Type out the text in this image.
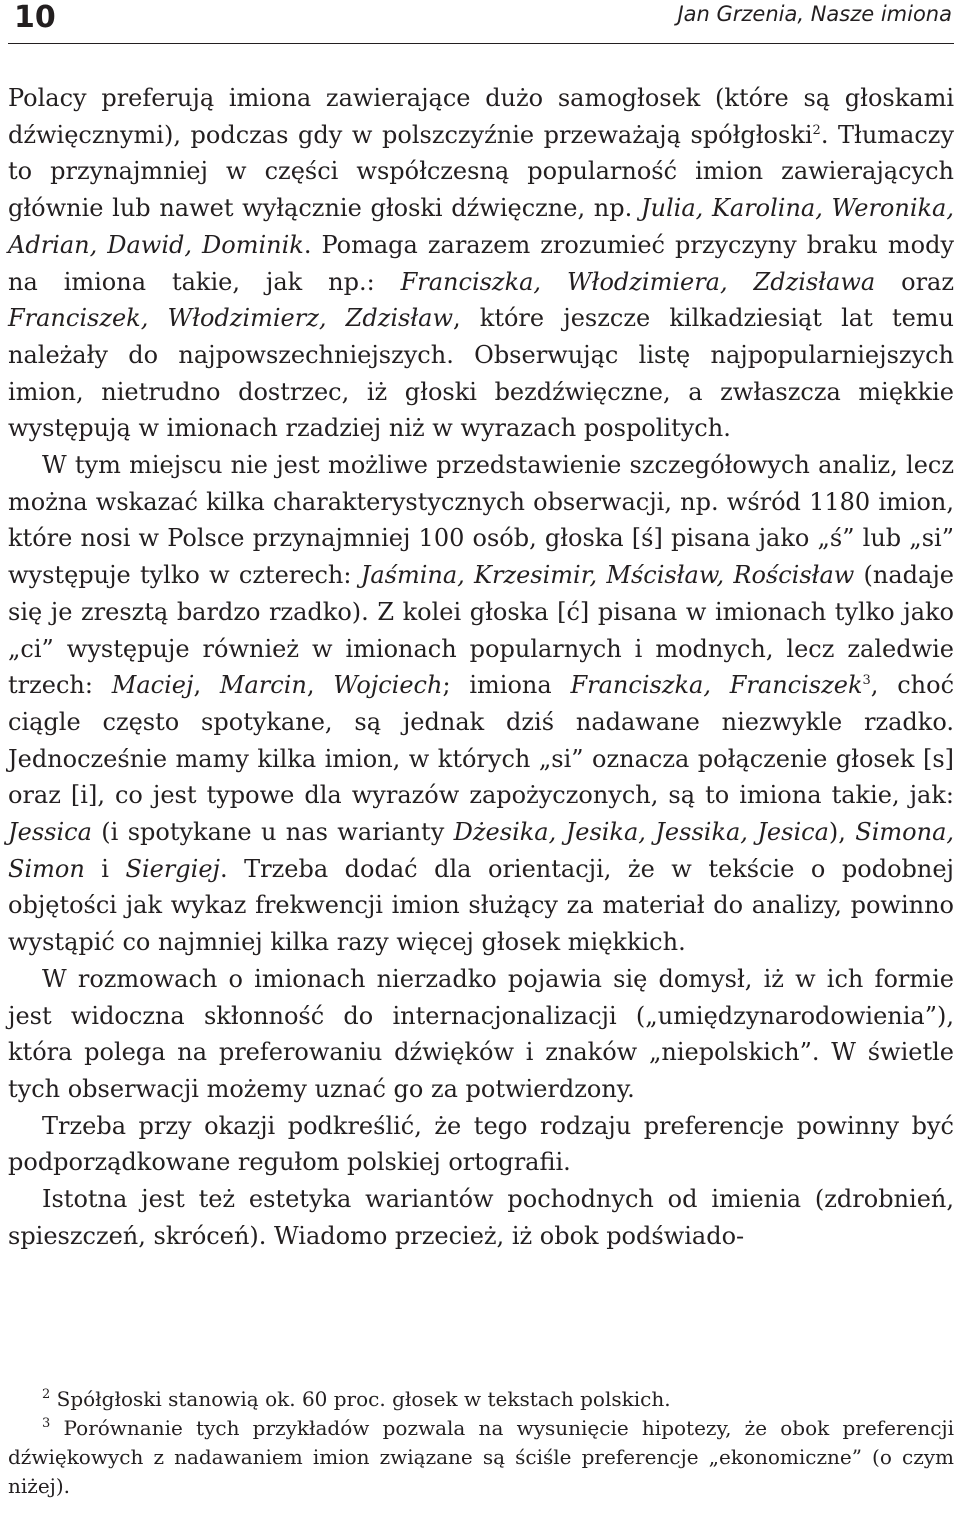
10	Jan Grzenia, Nasze imiona

Polacy preferują imiona zawierające dużo samogłosek (które są głoskami dźwięcznymi), podczas gdy w polszczyźnie przeważają spółgłoski$^2$. Tłumaczy to przynajmniej w części współczesną popularność imion zawierających głównie lub nawet wyłącznie głoski dźwięczne, np. Julia, Karolina, Weronika, Adrian, Dawid, Dominik. Pomaga zarazem zrozumieć przyczyny braku mody na imiona takie, jak np.: Franciszka, Włodzimiera, Zdzisława oraz Franciszek, Włodzimierz, Zdzisław, które jeszcze kilkadziesiąt lat temu należały do najpowszechniejszych. Obserwując listę najpopularniejszych imion, nietrudno dostrzec, iż głoski bezdźwięczne, a zwłaszcza miękkie występują w imionach rzadziej niż w wyrazach pospolitych.

W tym miejscu nie jest możliwe przedstawienie szczegółowych analiz, lecz można wskazać kilka charakterystycznych obserwacji, np. wśród 1180 imion, które nosi w Polsce przynajmniej 100 osób, głoska [ś] pisana jako „ś” lub „si” występuje tylko w czterech: Jaśmina, Krzesimir, Mścisław, Rościsław (nadaje się je zresztą bardzo rzadko). Z kolei głoska [ć] pisana w imionach tylko jako „ci” występuje również w imionach popularnych i modnych, lecz zaledwie trzech: Maciej, Marcin, Wojciech; imiona Franciszka, Franciszek$^3$, choć ciągle często spotykane, są jednak dziś nadawane niezwykle rzadko. Jednocześnie mamy kilka imion, w których „si” oznacza połączenie głosek [s] oraz [i], co jest typowe dla wyrazów zapożyczonych, są to imiona takie, jak: Jessica (i spotykane u nas warianty Dżesika, Jesika, Jessika, Jesica), Simona, Simon i Siergiej. Trzeba dodać dla orientacji, że w tekście o podobnej objętości jak wykaz frekwencji imion służący za materiał do analizy, powinno wystąpić co najmniej kilka razy więcej głosek miękkich.

W rozmowach o imionach nierzadko pojawia się domysł, iż w ich formie jest widoczna skłonność do internacjonalizacji („umiędzynarodowienia”), która polega na preferowaniu dźwięków i znaków „niepolskich”. W świetle tych obserwacji możemy uznać go za potwierdzony.

Trzeba przy okazji podkreślić, że tego rodzaju preferencje powinny być podporządkowane regułom polskiej ortografii.

Istotna jest też estetyka wariantów pochodnych od imienia (zdrobnień, spieszczeń, skróceń). Wiadomo przecież, iż obok podświado-

$^2$ Spółgłoski stanowią ok. 60 proc. głosek w tekstach polskich.

$^3$ Porównanie tych przykładów pozwala na wysunięcie hipotezy, że obok preferencji dźwiękowych z nadawaniem imion związane są ściśle preferencje „ekonomiczne” (o czym niżej).
